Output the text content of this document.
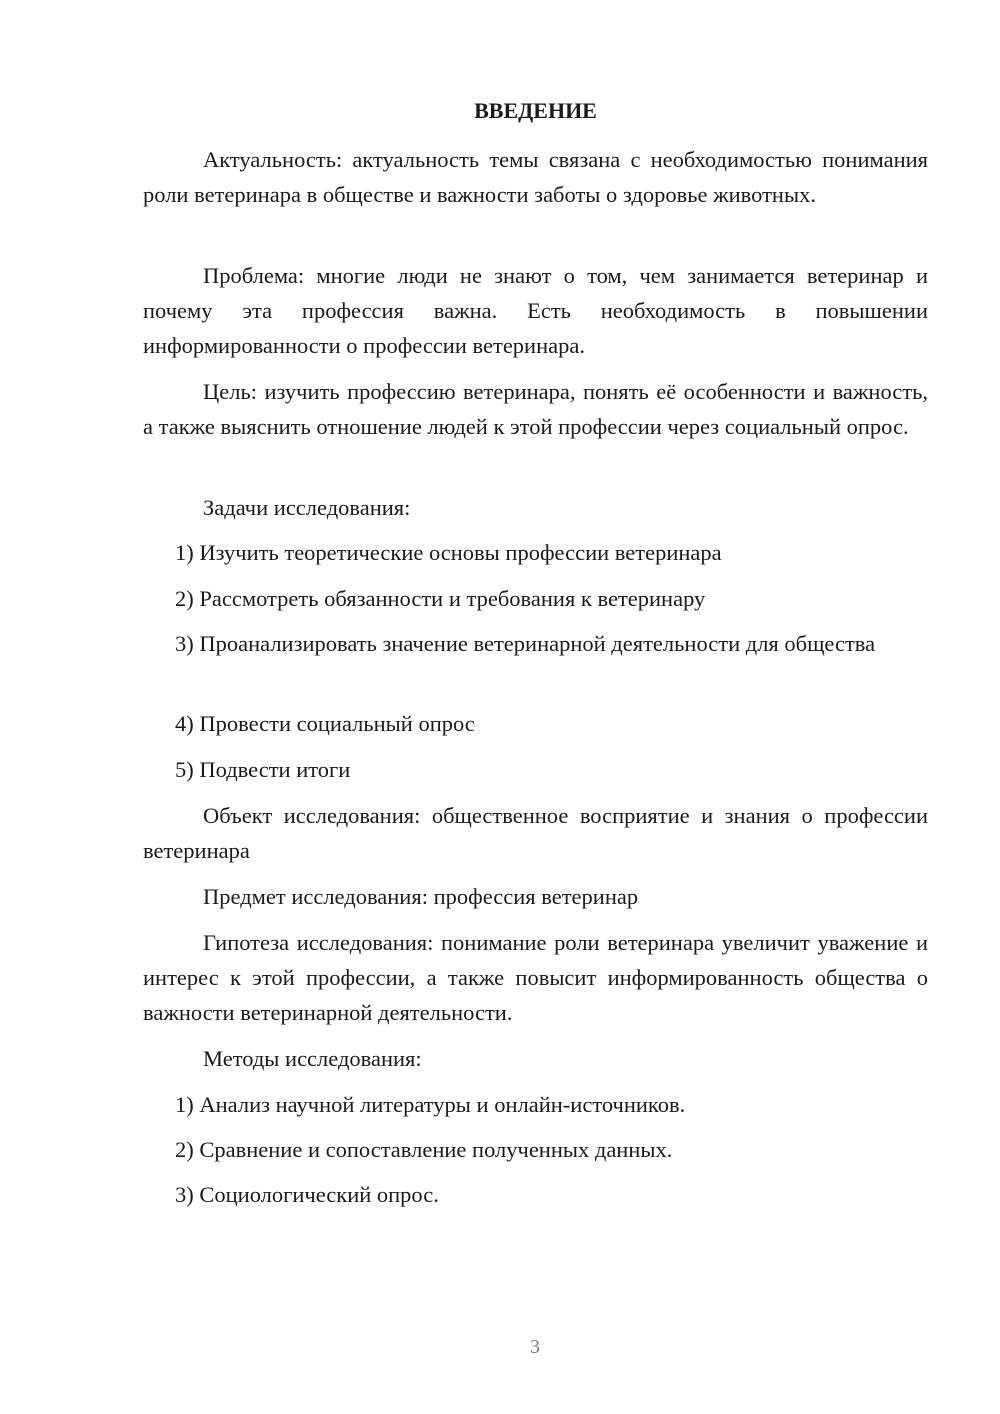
ВВЕДЕНИЕ

Актуальность: актуальность темы связана с необходимостью понимания роли ветеринара в обществе и важности заботы о здоровье животных.

Проблема: многие люди не знают о том, чем занимается ветеринар и почему эта профессия важна. Есть необходимость в повышении информированности о профессии ветеринара.

Цель: изучить профессию ветеринара, понять её особенности и важность, а также выяснить отношение людей к этой профессии через социальный опрос.

Задачи исследования:

1) Изучить теоретические основы профессии ветеринара

2) Рассмотреть обязанности и требования к ветеринару

3) Проанализировать значение ветеринарной деятельности для общества

4) Провести социальный опрос

5) Подвести итоги

Объект исследования: общественное восприятие и знания о профессии ветеринара

Предмет исследования: профессия ветеринар

Гипотеза исследования: понимание роли ветеринара увеличит уважение и интерес к этой профессии, а также повысит информированность общества о важности ветеринарной деятельности.

Методы исследования:

1) Анализ научной литературы и онлайн-источников.

2) Сравнение и сопоставление полученных данных.

3) Социологический опрос.

3
